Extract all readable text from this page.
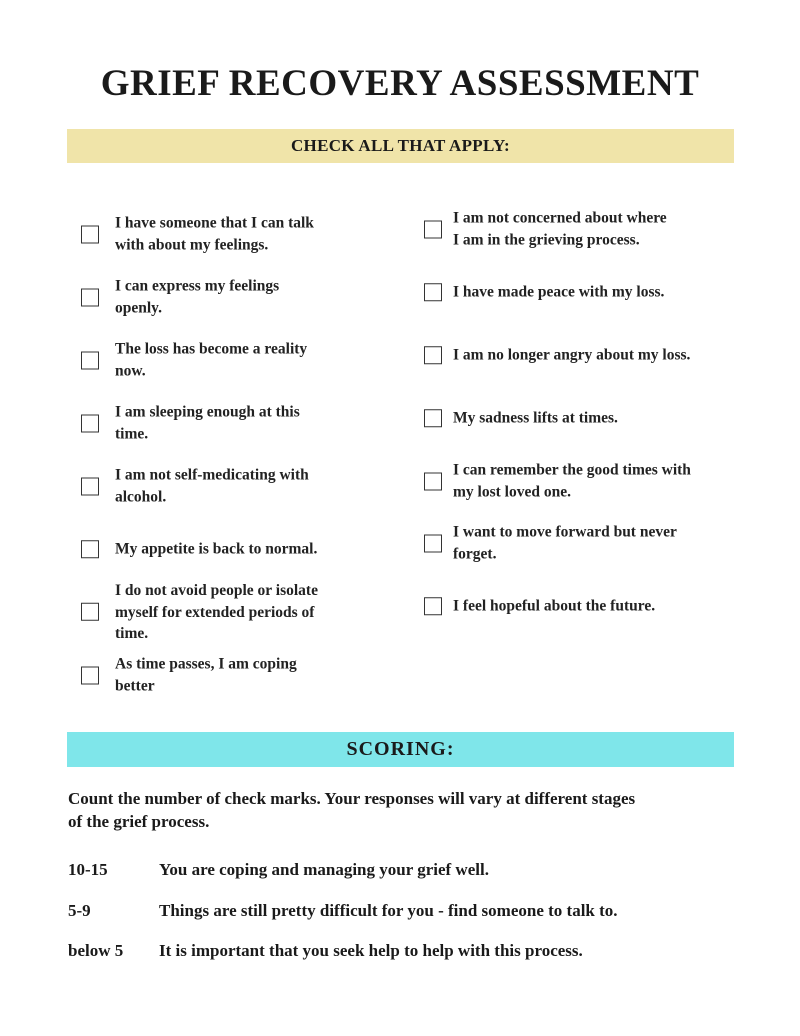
GRIEF RECOVERY ASSESSMENT
CHECK ALL THAT APPLY:
I have someone that I can talk
with about my feelings.
I can express my feelings
openly.
The loss has become a reality
now.
I am sleeping enough at this
time.
I am not self-medicating with
alcohol.
My appetite is back to normal.
I do not avoid people or isolate
myself for extended periods of
time.
As time passes, I am coping
better
I am not concerned about where
I am in the grieving process.
I have made peace with my loss.
I am no longer angry about my loss.
My sadness lifts at times.
I can remember the good times with
my lost loved one.
I want to move forward but never
forget.
I feel hopeful about the future.
SCORING:
Count the number of check marks. Your responses will vary at different stages
of the grief process.
10-15	You are coping and managing your grief well.
5-9	Things are still pretty difficult for you - find someone to talk to.
below 5 It is important that you seek help to help with this process.
